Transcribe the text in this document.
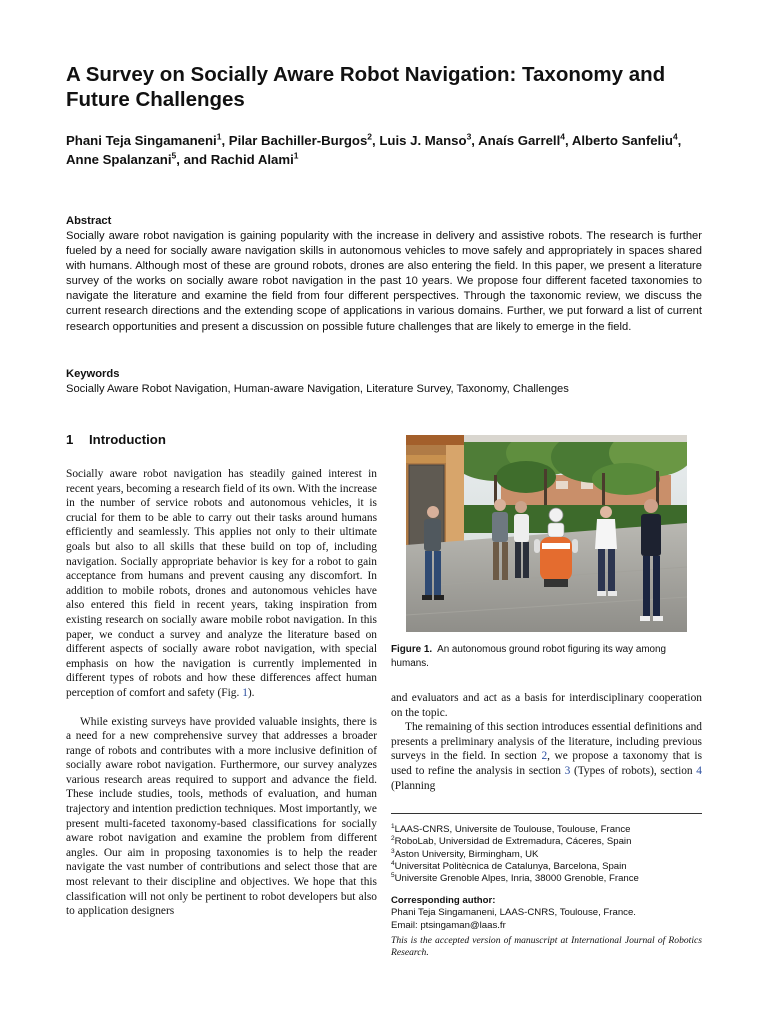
A Survey on Socially Aware Robot Navigation: Taxonomy and Future Challenges
Phani Teja Singamaneni$^1$, Pilar Bachiller-Burgos$^2$, Luis J. Manso$^3$, Anaís Garrell$^4$, Alberto Sanfeliu$^4$, Anne Spalanzani$^5$, and Rachid Alami$^1$
Abstract
Socially aware robot navigation is gaining popularity with the increase in delivery and assistive robots. The research is further fueled by a need for socially aware navigation skills in autonomous vehicles to move safely and appropriately in spaces shared with humans. Although most of these are ground robots, drones are also entering the field. In this paper, we present a literature survey of the works on socially aware robot navigation in the past 10 years. We propose four different faceted taxonomies to navigate the literature and examine the field from four different perspectives. Through the taxonomic review, we discuss the current research directions and the extending scope of applications in various domains. Further, we put forward a list of current research opportunities and present a discussion on possible future challenges that are likely to emerge in the field.
Keywords
Socially Aware Robot Navigation, Human-aware Navigation, Literature Survey, Taxonomy, Challenges
1 Introduction

Socially aware robot navigation has steadily gained interest in recent years, becoming a research field of its own. With the increase in the number of service robots and autonomous vehicles, it is crucial for them to be able to carry out their tasks around humans efficiently and seamlessly. This applies not only to their ultimate goals but also to all skills that these build on top of, including navigation. Socially appropriate behavior is key for a robot to gain acceptance from humans and prevent causing any discomfort. In addition to mobile robots, drones and autonomous vehicles have also entered this field in recent years, taking inspiration from existing research on socially aware mobile robot navigation. In this paper, we conduct a survey and analyze the literature based on different aspects of socially aware robot navigation, with special emphasis on how the navigation is currently implemented in different types of robots and how these differences affect human perception of comfort and safety (Fig. 1).

While existing surveys have provided valuable insights, there is a need for a new comprehensive survey that addresses a broader range of robots and contributes with a more inclusive definition of socially aware robot navigation. Furthermore, our survey analyzes various research areas required to support and advance the field. These include studies, tools, methods of evaluation, and human trajectory and intention prediction techniques. Most importantly, we present multi-faceted taxonomy-based classifications for socially aware robot navigation and examine the problem from different angles. Our aim in proposing taxonomies is to help the reader navigate the vast number of contributions and select those that are most relevant to their discipline and objectives. We hope that this classification will not only be pertinent to robot developers but also to application designers

Figure 1. An autonomous ground robot figuring its way among humans.

and evaluators and act as a basis for interdisciplinary cooperation on the topic.

The remaining of this section introduces essential definitions and presents a preliminary analysis of the literature, including previous surveys in the field. In section 2, we propose a taxonomy that is used to refine the analysis in section 3 (Types of robots), section 4 (Planning

$^1$LAAS-CNRS, Universite de Toulouse, Toulouse, France
$^2$RoboLab, Universidad de Extremadura, Cáceres, Spain
$^3$Aston University, Birmingham, UK
$^4$Universitat Politècnica de Catalunya, Barcelona, Spain
$^5$Universite Grenoble Alpes, Inria, 38000 Grenoble, France
Corresponding author:
Phani Teja Singamaneni, LAAS-CNRS, Toulouse, France.
Email: ptsingaman@laas.fr
This is the accepted version of manuscript at International Journal of Robotics Research.
